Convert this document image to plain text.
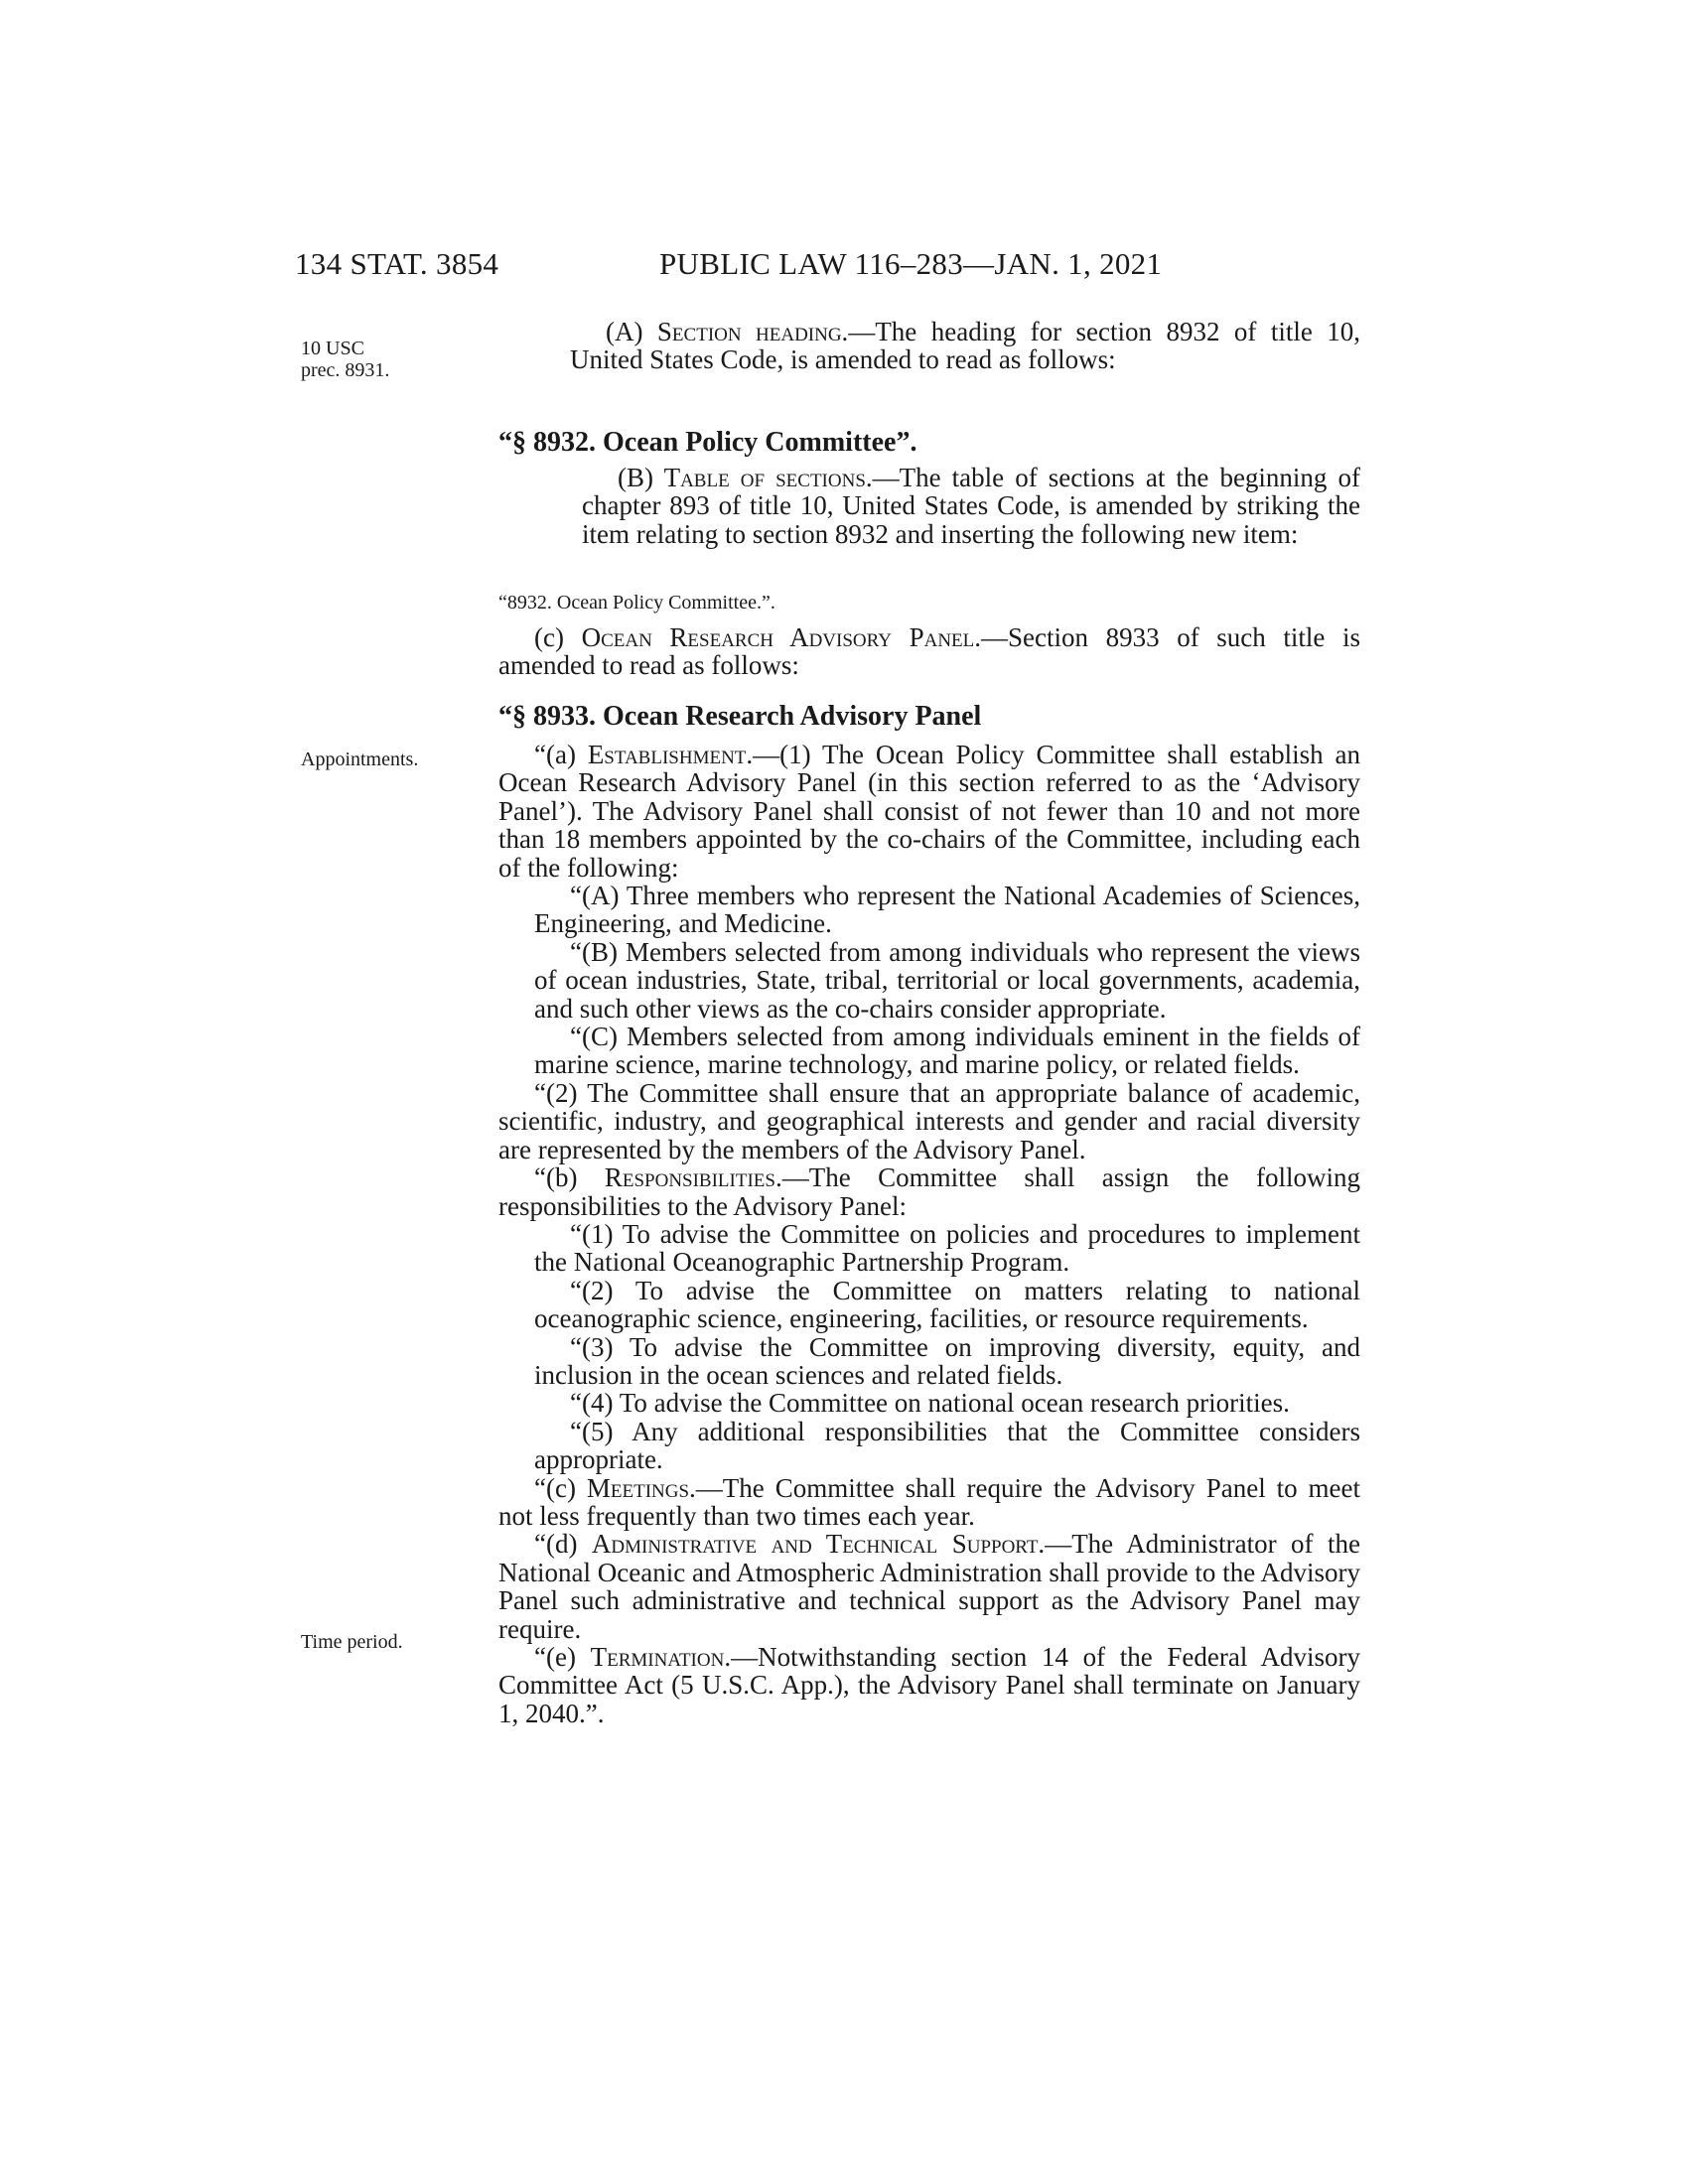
134 STAT. 3854	PUBLIC LAW 116–283—JAN. 1, 2021
10 USC
prec. 8931.
Appointments.
Time period.

(A) Section heading.—The heading for section 8932 of title 10, United States Code, is amended to read as follows:

“§ 8932. Ocean Policy Committee”.

(B) Table of sections.—The table of sections at the beginning of chapter 893 of title 10, United States Code, is amended by striking the item relating to section 8932 and inserting the following new item:

“8932. Ocean Policy Committee.”.

(c) Ocean Research Advisory Panel.—Section 8933 of such title is amended to read as follows:

“§ 8933. Ocean Research Advisory Panel

“(a) Establishment.—(1) The Ocean Policy Committee shall establish an Ocean Research Advisory Panel (in this section referred to as the ‘Advisory Panel’). The Advisory Panel shall consist of not fewer than 10 and not more than 18 members appointed by the co-chairs of the Committee, including each of the following:

“(A) Three members who represent the National Academies of Sciences, Engineering, and Medicine.

“(B) Members selected from among individuals who represent the views of ocean industries, State, tribal, territorial or local governments, academia, and such other views as the co-chairs consider appropriate.

“(C) Members selected from among individuals eminent in the fields of marine science, marine technology, and marine policy, or related fields.

“(2) The Committee shall ensure that an appropriate balance of academic, scientific, industry, and geographical interests and gender and racial diversity are represented by the members of the Advisory Panel.

“(b) Responsibilities.—The Committee shall assign the following responsibilities to the Advisory Panel:

“(1) To advise the Committee on policies and procedures to implement the National Oceanographic Partnership Program.

“(2) To advise the Committee on matters relating to national oceanographic science, engineering, facilities, or resource requirements.

“(3) To advise the Committee on improving diversity, equity, and inclusion in the ocean sciences and related fields.

“(4) To advise the Committee on national ocean research priorities.

“(5) Any additional responsibilities that the Committee considers appropriate.

“(c) Meetings.—The Committee shall require the Advisory Panel to meet not less frequently than two times each year.

“(d) Administrative and Technical Support.—The Administrator of the National Oceanic and Atmospheric Administration shall provide to the Advisory Panel such administrative and technical support as the Advisory Panel may require.

“(e) Termination.—Notwithstanding section 14 of the Federal Advisory Committee Act (5 U.S.C. App.), the Advisory Panel shall terminate on January 1, 2040.”.
